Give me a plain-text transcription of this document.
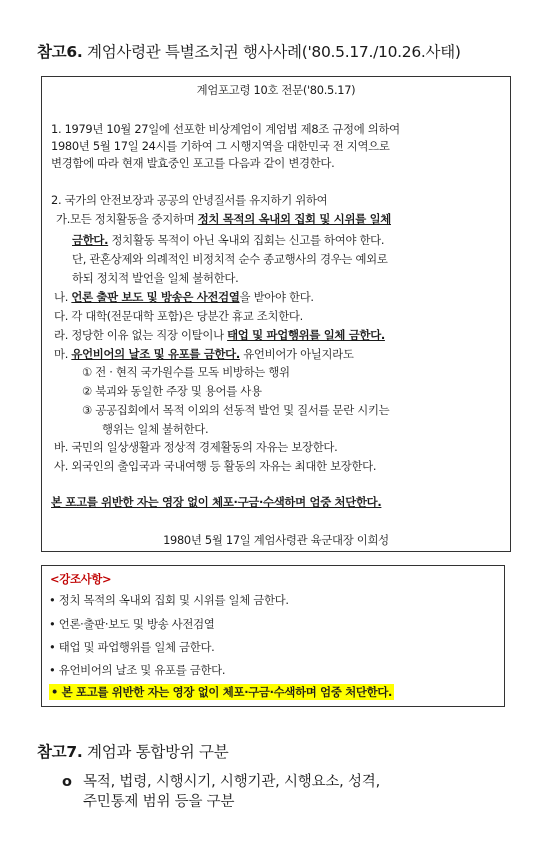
참고6. 계엄사령관 특별조치권 행사사례('80.5.17./10.26.사태)
계엄포고령 10호 전문('80.5.17)
1. 1979년 10월 27일에 선포한 비상계엄이 계엄법 제8조 규정에 의하여
1980년 5월 17일 24시를 기하여 그 시행지역을 대한민국 전 지역으로
변경함에 따라 현재 발효중인 포고를 다음과 같이 변경한다.
2. 국가의 안전보장과 공공의 안녕질서를 유지하기 위하여
가.모든 정치활동을 중지하며 정치 목적의 옥내외 집회 및 시위를 일체
금한다. 정치활동 목적이 아닌 옥내외 집회는 신고를 하여야 한다.
단, 관혼상제와 의례적인 비정치적 순수 종교행사의 경우는 예외로
하되 정치적 발언을 일체 불허한다.
나. 언론 출판 보도 및 방송은 사전검열을 받아야 한다.
다. 각 대학(전문대학 포함)은 당분간 휴교 조치한다.
라. 정당한 이유 없는 직장 이탈이나 태업 및 파업행위를 일체 금한다.
마. 유언비어의 날조 및 유포를 금한다. 유언비어가 아닐지라도
① 전 · 현직 국가원수를 모독 비방하는 행위
② 북괴와 동일한 주장 및 용어를 사용
③ 공공집회에서 목적 이외의 선동적 발언 및 질서를 문란 시키는
행위는 일체 불허한다.
바. 국민의 일상생활과 정상적 경제활동의 자유는 보장한다.
사. 외국인의 출입국과 국내여행 등 활동의 자유는 최대한 보장한다.
본 포고를 위반한 자는 영장 없이 체포·구금·수색하며 엄중 처단한다.
1980년 5월 17일 계엄사령관 육군대장 이희성
<강조사항>
• 정치 목적의 옥내외 집회 및 시위를 일체 금한다.
• 언론·출판·보도 및 방송 사전검열
• 태업 및 파업행위를 일체 금한다.
• 유언비어의 날조 및 유포를 금한다.
• 본 포고를 위반한 자는 영장 없이 체포·구금·수색하며 엄중 처단한다.
참고7. 계엄과 통합방위 구분
o 목적, 법령, 시행시기, 시행기관, 시행요소, 성격,
주민통제 범위 등을 구분
